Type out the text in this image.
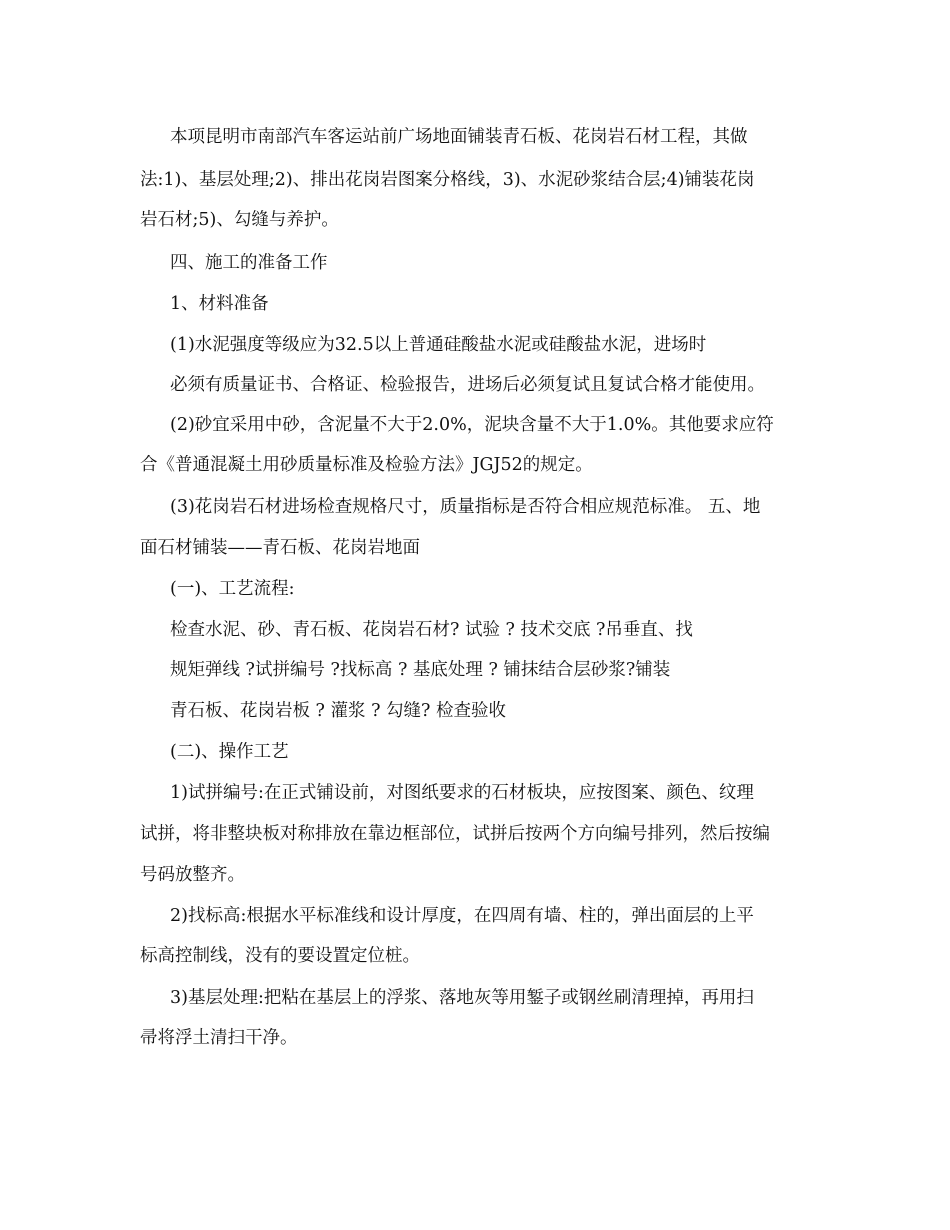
本项昆明市南部汽车客运站前广场地面铺装青石板、花岗岩石材工程，其做
法:1)、基层处理;2)、排出花岗岩图案分格线，3)、水泥砂浆结合层;4)铺装花岗
岩石材;5)、勾缝与养护。
四、施工的准备工作
1、材料准备
(1)水泥强度等级应为32.5以上普通硅酸盐水泥或硅酸盐水泥，进场时
必须有质量证书、合格证、检验报告，进场后必须复试且复试合格才能使用。
(2)砂宜采用中砂，含泥量不大于2.0%，泥块含量不大于1.0%。其他要求应符
合《普通混凝土用砂质量标准及检验方法》JGJ52的规定。
(3)花岗岩石材进场检查规格尺寸，质量指标是否符合相应规范标准。 五、地
面石材铺装——青石板、花岗岩地面
(一)、工艺流程:
检查水泥、砂、青石板、花岗岩石材? 试验 ? 技术交底 ?吊垂直、找
规矩弹线 ?试拼编号 ?找标高 ? 基底处理 ? 铺抹结合层砂浆?铺装
青石板、花岗岩板 ? 灌浆 ? 勾缝? 检查验收
(二)、操作工艺
1)试拼编号:在正式铺设前，对图纸要求的石材板块，应按图案、颜色、纹理
试拼，将非整块板对称排放在靠边框部位，试拼后按两个方向编号排列，然后按编
号码放整齐。
2)找标高:根据水平标准线和设计厚度，在四周有墙、柱的，弹出面层的上平
标高控制线，没有的要设置定位桩。
3)基层处理:把粘在基层上的浮浆、落地灰等用錾子或钢丝刷清理掉，再用扫
帚将浮土清扫干净。
